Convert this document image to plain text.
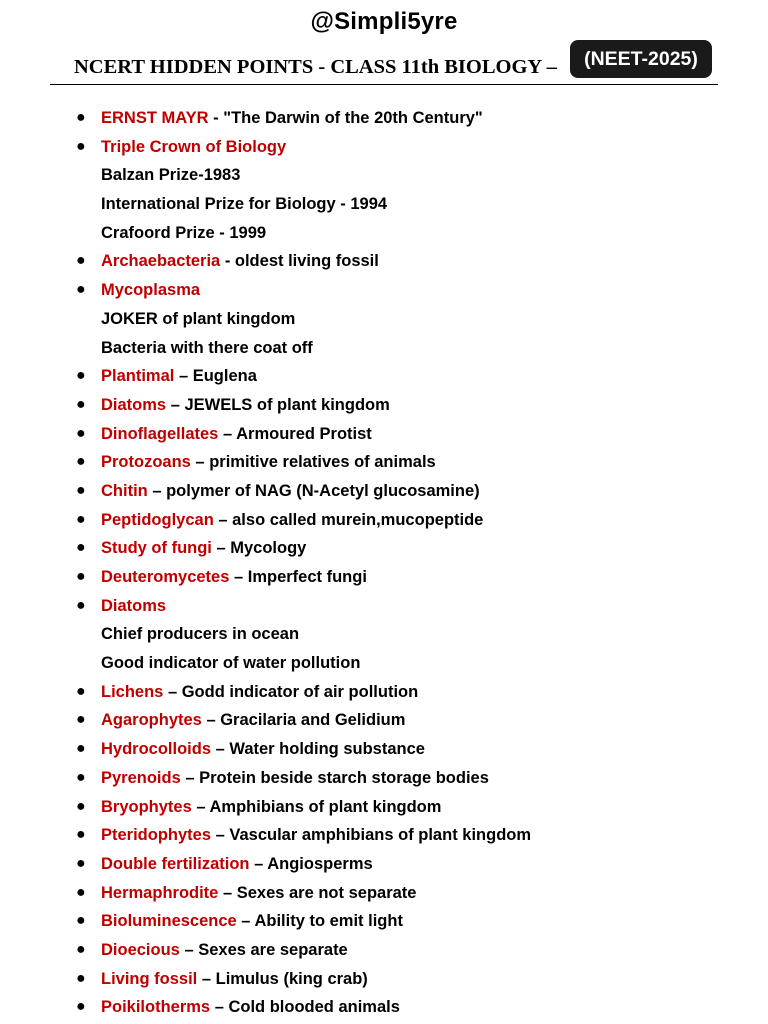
@Simpli5yre
NCERT HIDDEN POINTS - CLASS 11th BIOLOGY –	(NEET-2025)
● ERNST MAYR - "The Darwin of the 20th Century"
● Triple Crown of Biology
Balzan Prize-1983
International Prize for Biology - 1994
Crafoord Prize - 1999
● Archaebacteria - oldest living fossil
● Mycoplasma
JOKER of plant kingdom
Bacteria with there coat off
● Plantimal – Euglena
● Diatoms – JEWELS of plant kingdom
● Dinoflagellates – Armoured Protist
● Protozoans – primitive relatives of animals
● Chitin – polymer of NAG (N-Acetyl glucosamine)
● Peptidoglycan – also called murein,mucopeptide
● Study of fungi – Mycology
● Deuteromycetes – Imperfect fungi
● Diatoms
Chief producers in ocean
Good indicator of water pollution
● Lichens – Godd indicator of air pollution
● Agarophytes – Gracilaria and Gelidium
● Hydrocolloids – Water holding substance
● Pyrenoids – Protein beside starch storage bodies
● Bryophytes – Amphibians of plant kingdom
● Pteridophytes – Vascular amphibians of plant kingdom
● Double fertilization – Angiosperms
● Hermaphrodite – Sexes are not separate
● Bioluminescence – Ability to emit light
● Dioecious – Sexes are separate
● Living fossil – Limulus (king crab)
● Poikilotherms – Cold blooded animals
